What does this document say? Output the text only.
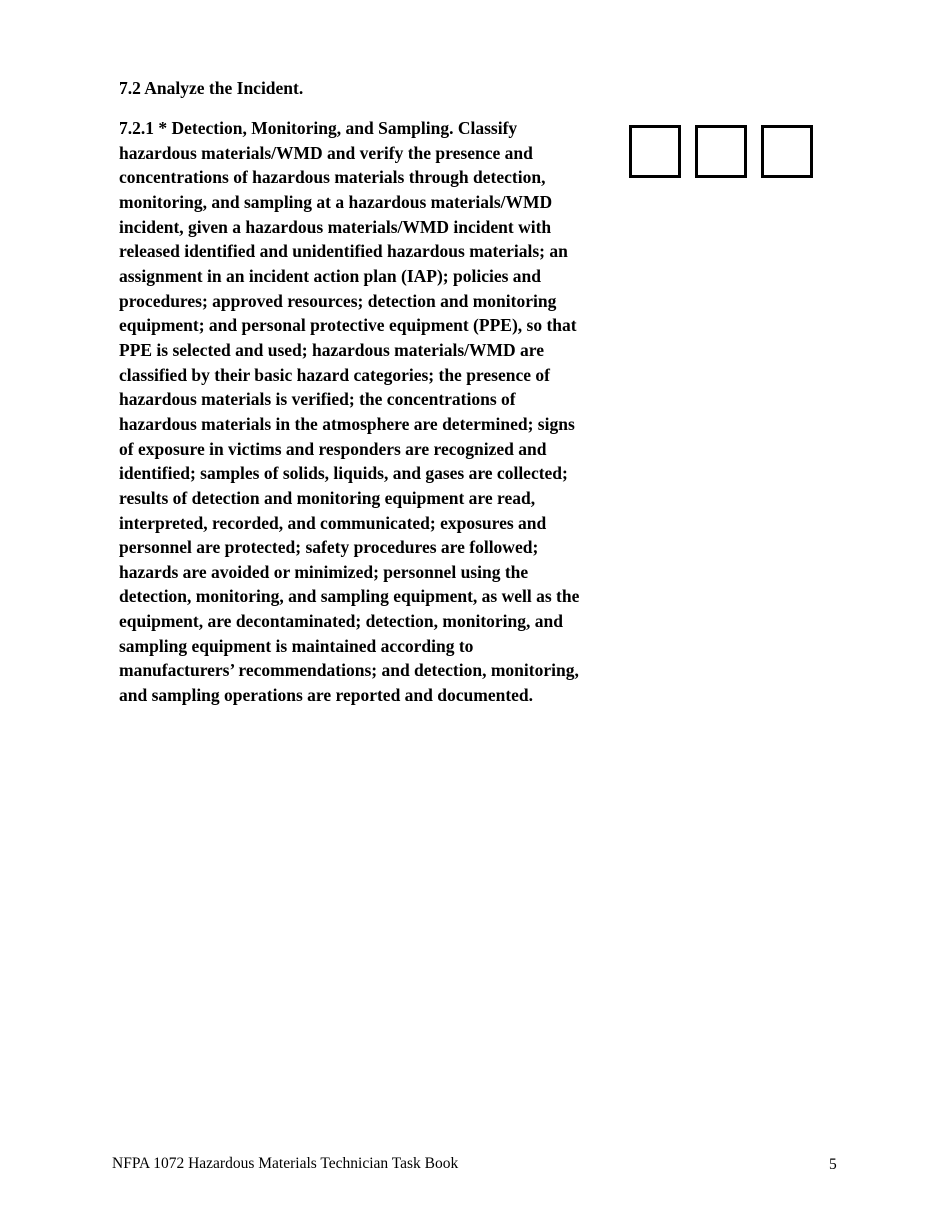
7.2 Analyze the Incident.

7.2.1 * Detection, Monitoring, and Sampling. Classify
hazardous materials/WMD and verify the presence and
concentrations of hazardous materials through detection,
monitoring, and sampling at a hazardous materials/WMD
incident, given a hazardous materials/WMD incident with
released identified and unidentified hazardous materials; an
assignment in an incident action plan (IAP); policies and
procedures; approved resources; detection and monitoring
equipment; and personal protective equipment (PPE), so that
PPE is selected and used; hazardous materials/WMD are
classified by their basic hazard categories; the presence of
hazardous materials is verified; the concentrations of
hazardous materials in the atmosphere are determined; signs
of exposure in victims and responders are recognized and
identified; samples of solids, liquids, and gases are collected;
results of detection and monitoring equipment are read,
interpreted, recorded, and communicated; exposures and
personnel are protected; safety procedures are followed;
hazards are avoided or minimized; personnel using the
detection, monitoring, and sampling equipment, as well as the
equipment, are decontaminated; detection, monitoring, and
sampling equipment is maintained according to
manufacturers’ recommendations; and detection, monitoring,
and sampling operations are reported and documented.

NFPA 1072 Hazardous Materials Technician Task Book	5
